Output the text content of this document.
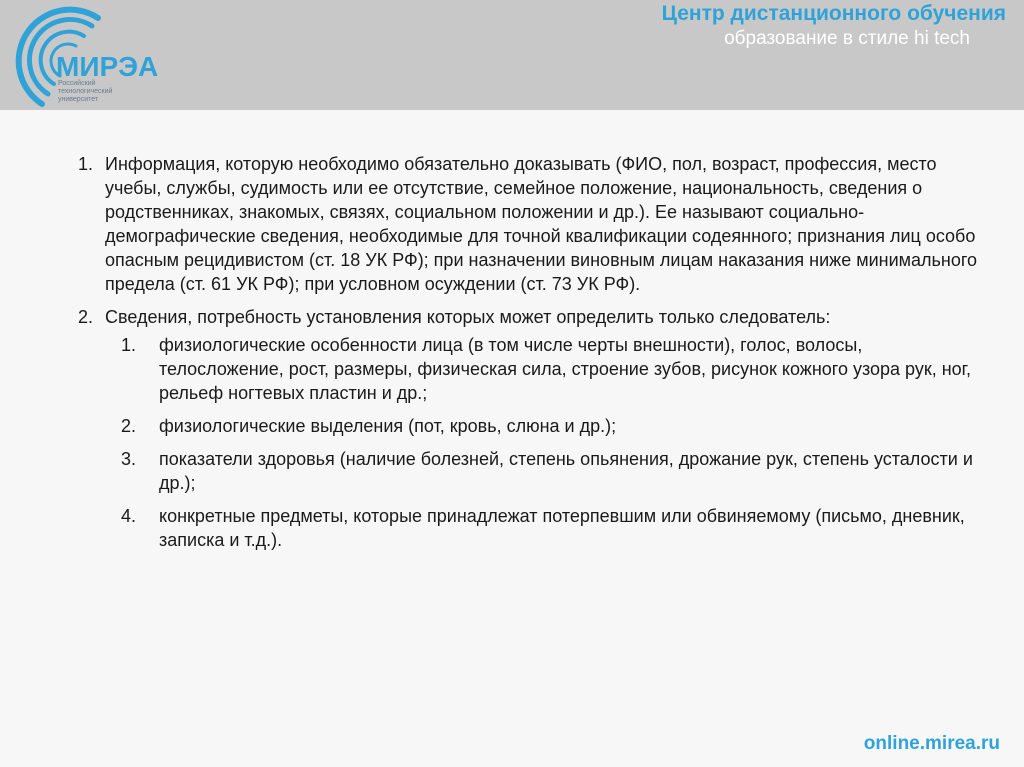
МИРЭА
Российский
технологический
университет
Центр дистанционного обучения
образование в стиле hi tech
1. Информация, которую необходимо обязательно доказывать (ФИО, пол, возраст, профессия, место учебы, службы, судимость или ее отсутствие, семейное положение, национальность, сведения о родственниках, знакомых, связях, социальном положении и др.). Ее называют социально-демографические сведения, необходимые для точной квалификации содеянного; признания лиц особо опасным рецидивистом (ст. 18 УК РФ); при назначении виновным лицам наказания ниже минимального предела (ст. 61 УК РФ); при условном осуждении (ст. 73 УК РФ).
2. Сведения, потребность установления которых может определить только следователь:
1. физиологические особенности лица (в том числе черты внешности), голос, волосы, телосложение, рост, размеры, физическая сила, строение зубов, рисунок кожного узора рук, ног, рельеф ногтевых пластин и др.;
2. физиологические выделения (пот, кровь, слюна и др.);
3. показатели здоровья (наличие болезней, степень опьянения, дрожание рук, степень усталости и др.);
4. конкретные предметы, которые принадлежат потерпевшим или обвиняемому (письмо, дневник, записка и т.д.).
online.mirea.ru
